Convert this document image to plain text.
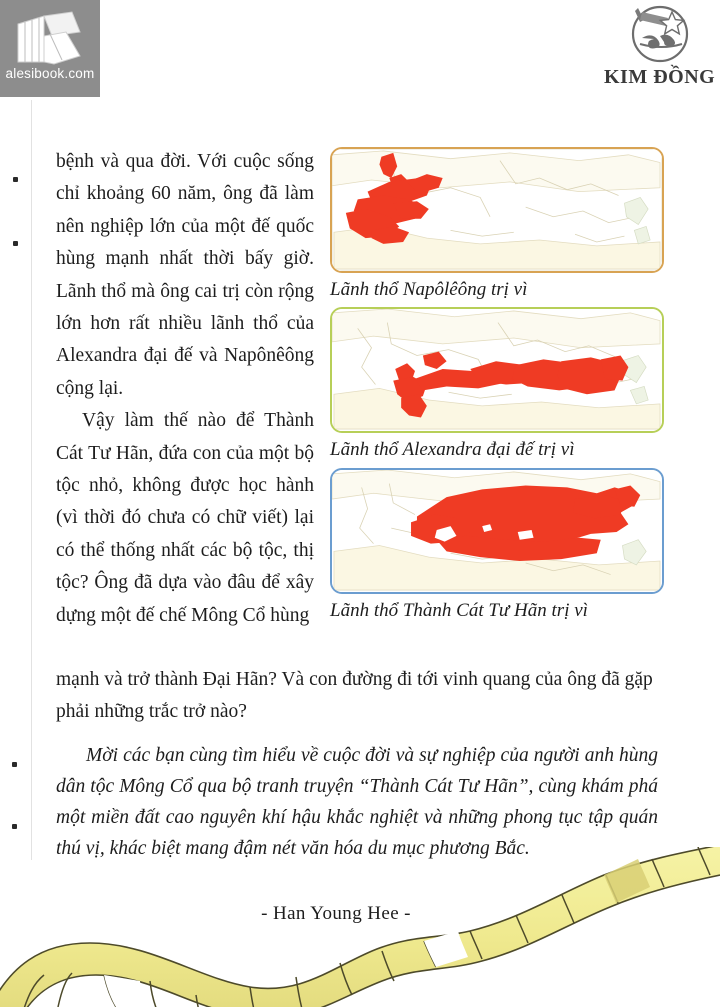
alesibook.com	KIM ĐỒNG

bệnh và qua đời. Với cuộc sống chỉ khoảng 60 năm, ông đã làm nên nghiệp lớn của một đế quốc hùng mạnh nhất thời bấy giờ. Lãnh thổ mà ông cai trị còn rộng lớn hơn rất nhiều lãnh thổ của Alexandra đại đế và Napônêông cộng lại.

Vậy làm thế nào để Thành Cát Tư Hãn, đứa con của một bộ tộc nhỏ, không được học hành (vì thời đó chưa có chữ viết) lại có thể thống nhất các bộ tộc, thị tộc? Ông đã dựa vào đâu để xây dựng một đế chế Mông Cổ hùng

mạnh và trở thành Đại Hãn? Và con đường đi tới vinh quang của ông đã gặp phải những trắc trở nào?

Mời các bạn cùng tìm hiểu về cuộc đời và sự nghiệp của người anh hùng dân tộc Mông Cổ qua bộ tranh truyện “Thành Cát Tư Hãn”, cùng khám phá một miền đất cao nguyên khí hậu khắc nghiệt và những phong tục tập quán thú vị, khác biệt mang đậm nét văn hóa du mục phương Bắc.

- Han Young Hee -
Lãnh thổ Napôlêông trị vì
Lãnh thổ Alexandra đại đế trị vì
Lãnh thổ Thành Cát Tư Hãn trị vì
